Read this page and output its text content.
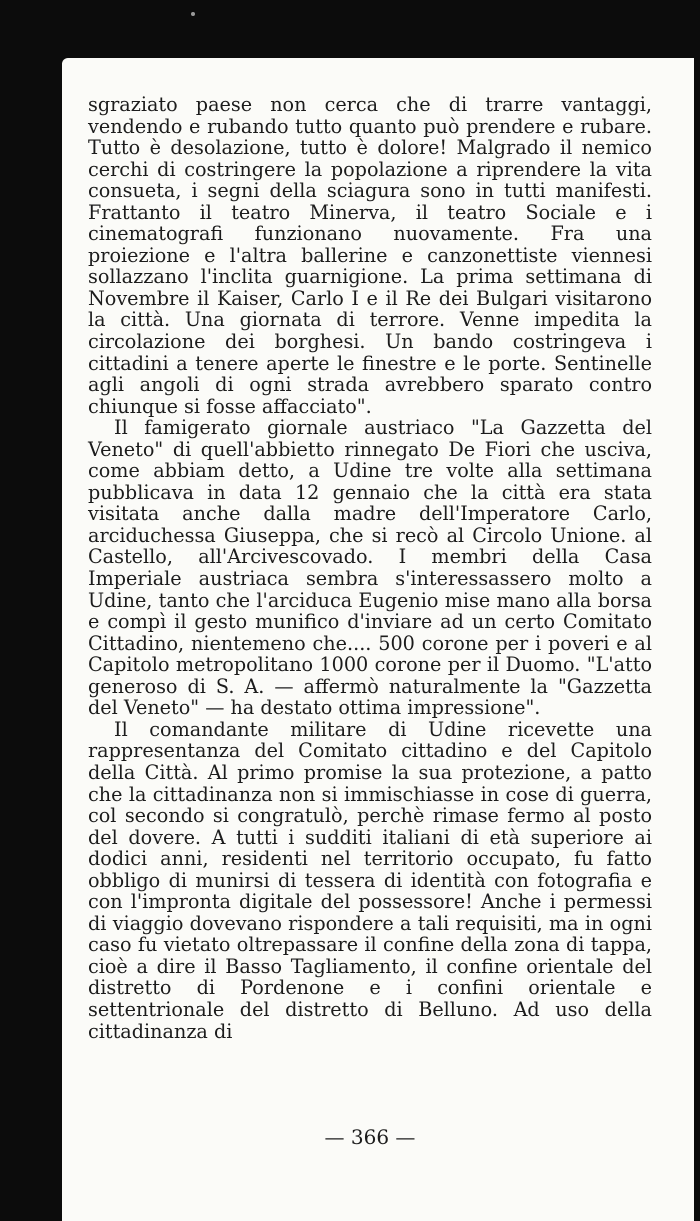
sgraziato paese non cerca che di trarre vantaggi, vendendo e rubando tutto quanto può prendere e rubare. Tutto è desolazione, tutto è dolore! Malgrado il nemico cerchi di costringere la popolazione a riprendere la vita consueta, i segni della sciagura sono in tutti manifesti. Frattanto il teatro Minerva, il teatro Sociale e i cinematografi funzionano nuovamente. Fra una proiezione e l'altra ballerine e canzonettiste viennesi sollazzano l'inclita guarnigione. La prima settimana di Novembre il Kaiser, Carlo I e il Re dei Bulgari visitarono la città. Una giornata di terrore. Venne impedita la circolazione dei borghesi. Un bando costringeva i cittadini a tenere aperte le finestre e le porte. Sentinelle agli angoli di ogni strada avrebbero sparato contro chiunque si fosse affacciato".

Il famigerato giornale austriaco "La Gazzetta del Veneto" di quell'abbietto rinnegato De Fiori che usciva, come abbiam detto, a Udine tre volte alla settimana pubblicava in data 12 gennaio che la città era stata visitata anche dalla madre dell'Imperatore Carlo, arciduchessa Giuseppa, che si recò al Circolo Unione. al Castello, all'Arcivescovado. I membri della Casa Imperiale austriaca sembra s'interessassero molto a Udine, tanto che l'arciduca Eugenio mise mano alla borsa e compì il gesto munifico d'inviare ad un certo Comitato Cittadino, nientemeno che.... 500 corone per i poveri e al Capitolo metropolitano 1000 corone per il Duomo. "L'atto generoso di S. A. — affermò naturalmente la "Gazzetta del Veneto" — ha destato ottima impressione".

Il comandante militare di Udine ricevette una rappresentanza del Comitato cittadino e del Capitolo della Città. Al primo promise la sua protezione, a patto che la cittadinanza non si immischiasse in cose di guerra, col secondo si congratulò, perchè rimase fermo al posto del dovere. A tutti i sudditi italiani di età superiore ai dodici anni, residenti nel territorio occupato, fu fatto obbligo di munirsi di tessera di identità con fotografia e con l'impronta digitale del possessore! Anche i permessi di viaggio dovevano rispondere a tali requisiti, ma in ogni caso fu vietato oltrepassare il confine della zona di tappa, cioè a dire il Basso Tagliamento, il confine orientale del distretto di Pordenone e i confini orientale e settentrionale del distretto di Belluno. Ad uso della cittadinanza di

— 366 —
